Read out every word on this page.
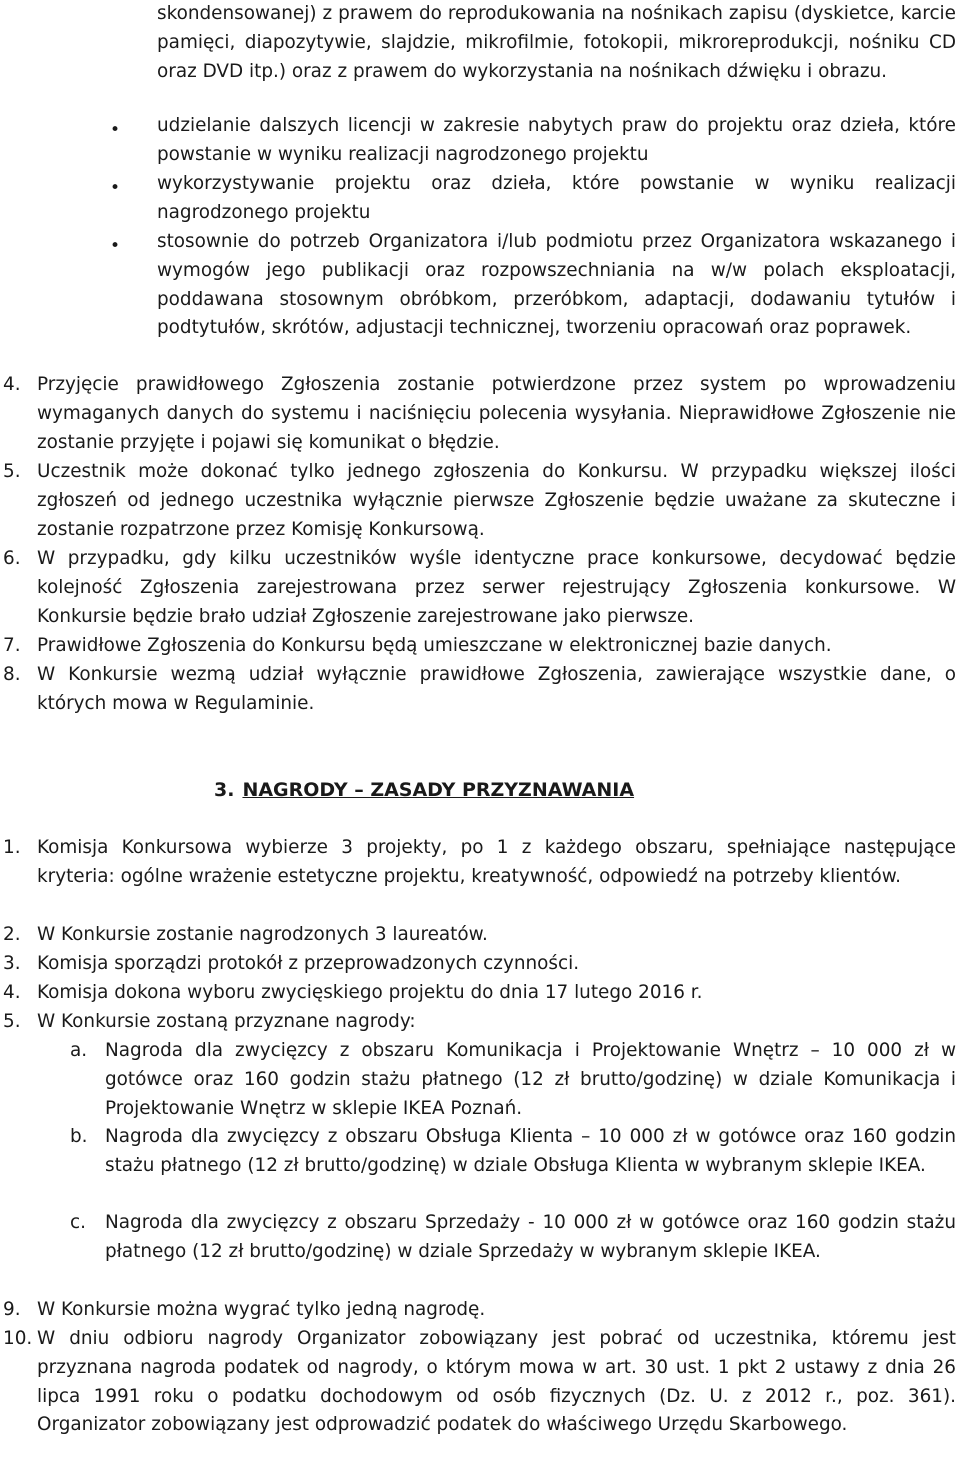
skondensowanej) z prawem do reprodukowania na nośnikach zapisu (dyskietce, karcie pamięci, diapozytywie, slajdzie, mikrofilmie, fotokopii, mikroreprodukcji, nośniku CD oraz DVD itp.) oraz z prawem do wykorzystania na nośnikach dźwięku i obrazu.

• udzielanie dalszych licencji w zakresie nabytych praw do projektu oraz dzieła, które powstanie w wyniku realizacji nagrodzonego projektu

• wykorzystywanie projektu oraz dzieła, które powstanie w wyniku realizacji nagrodzonego projektu

• stosownie do potrzeb Organizatora i/lub podmiotu przez Organizatora wskazanego i wymogów jego publikacji oraz rozpowszechniania na w/w polach eksploatacji, poddawana stosownym obróbkom, przeróbkom, adaptacji, dodawaniu tytułów i podtytułów, skrótów, adjustacji technicznej, tworzeniu opracowań oraz poprawek.

4. Przyjęcie prawidłowego Zgłoszenia zostanie potwierdzone przez system po wprowadzeniu wymaganych danych do systemu i naciśnięciu polecenia wysyłania. Nieprawidłowe Zgłoszenie nie zostanie przyjęte i pojawi się komunikat o błędzie.

5. Uczestnik może dokonać tylko jednego zgłoszenia do Konkursu. W przypadku większej ilości zgłoszeń od jednego uczestnika wyłącznie pierwsze Zgłoszenie będzie uważane za skuteczne i zostanie rozpatrzone przez Komisję Konkursową.

6. W przypadku, gdy kilku uczestników wyśle identyczne prace konkursowe, decydować będzie kolejność Zgłoszenia zarejestrowana przez serwer rejestrujący Zgłoszenia konkursowe. W Konkursie będzie brało udział Zgłoszenie zarejestrowane jako pierwsze.

7. Prawidłowe Zgłoszenia do Konkursu będą umieszczane w elektronicznej bazie danych.

8. W Konkursie wezmą udział wyłącznie prawidłowe Zgłoszenia, zawierające wszystkie dane, o których mowa w Regulaminie.

3. NAGRODY – ZASADY PRZYZNAWANIA
1. Komisja Konkursowa wybierze 3 projekty, po 1 z każdego obszaru, spełniające następujące kryteria: ogólne wrażenie estetyczne projektu, kreatywność, odpowiedź na potrzeby klientów.

2. W Konkursie zostanie nagrodzonych 3 laureatów.

3. Komisja sporządzi protokół z przeprowadzonych czynności.

4. Komisja dokona wyboru zwycięskiego projektu do dnia 17 lutego 2016 r.

5. W Konkursie zostaną przyznane nagrody:

a. Nagroda dla zwycięzcy z obszaru Komunikacja i Projektowanie Wnętrz – 10 000 zł w gotówce oraz 160 godzin stażu płatnego (12 zł brutto/godzinę) w dziale Komunikacja i Projektowanie Wnętrz w sklepie IKEA Poznań.

b. Nagroda dla zwycięzcy z obszaru Obsługa Klienta – 10 000 zł w gotówce oraz 160 godzin stażu płatnego (12 zł brutto/godzinę) w dziale Obsługa Klienta w wybranym sklepie IKEA.

c.	Nagroda dla zwycięzcy z obszaru Sprzedaży - 10 000 zł w gotówce oraz 160 godzin stażu płatnego (12 zł brutto/godzinę) w dziale Sprzedaży w wybranym sklepie IKEA.

9. W Konkursie można wygrać tylko jedną nagrodę.

10. W dniu odbioru nagrody Organizator zobowiązany jest pobrać od uczestnika, któremu jest przyznana nagroda podatek od nagrody, o którym mowa w art. 30 ust. 1 pkt 2 ustawy z dnia 26 lipca 1991 roku o podatku dochodowym od osób fizycznych (Dz. U. z 2012 r., poz. 361). Organizator zobowiązany jest odprowadzić podatek do właściwego Urzędu Skarbowego.
